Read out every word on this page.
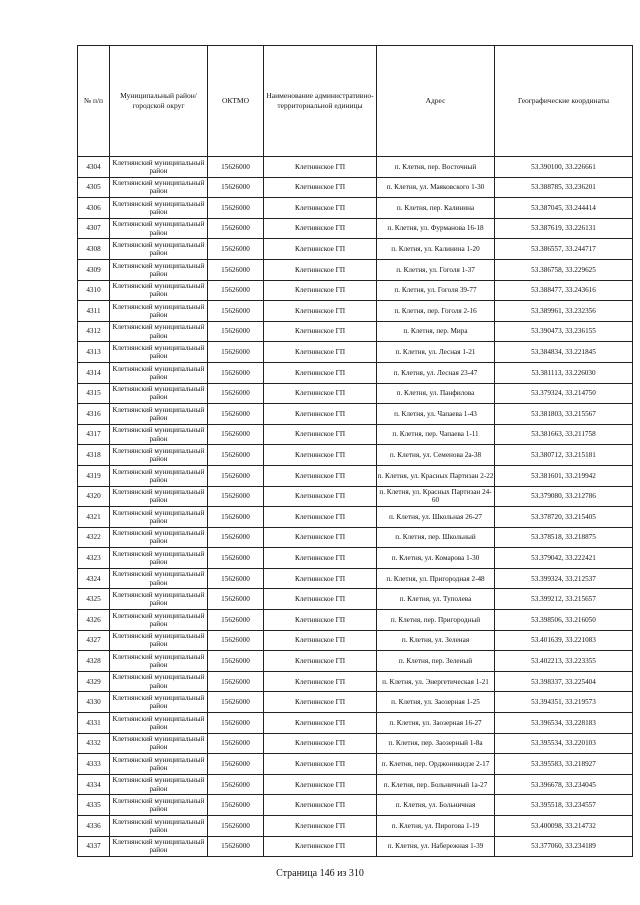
№ п/п	Муниципальный район/городской округ	ОКТМО	Наименование административно-территориальной единицы	Адрес	Географические координаты
4304	Клетнянский муниципальный район	15626000	Клетнянское ГП	п. Клетня, пер. Восточный	53.390100, 33.226661
4305	Клетнянский муниципальный район	15626000	Клетнянское ГП	п. Клетня, ул. Маяковского 1-30	53.388785, 33.236201
4306	Клетнянский муниципальный район	15626000	Клетнянское ГП	п. Клетня, пер. Калинина	53.387045, 33.244414
4307	Клетнянский муниципальный район	15626000	Клетнянское ГП	п. Клетня, ул. Фурманова 16-18	53.387619, 33.226131
4308	Клетнянский муниципальный район	15626000	Клетнянское ГП	п. Клетня, ул. Калинина 1-20	53.386557, 33.244717
4309	Клетнянский муниципальный район	15626000	Клетнянское ГП	п. Клетня, ул. Гоголя 1-37	53.386758, 33.229625
4310	Клетнянский муниципальный район	15626000	Клетнянское ГП	п. Клетня, ул. Гоголя 39-77	53.388477, 33.243616
4311	Клетнянский муниципальный район	15626000	Клетнянское ГП	п. Клетня, пер. Гоголя 2-16	53.389961, 33.232356
4312	Клетнянский муниципальный район	15626000	Клетнянское ГП	п. Клетня, пер. Мира	53.390473, 33.236155
4313	Клетнянский муниципальный район	15626000	Клетнянское ГП	п. Клетня, ул. Лесная 1-21	53.384834, 33.221845
4314	Клетнянский муниципальный район	15626000	Клетнянское ГП	п. Клетня, ул. Лесная 23-47	53.381113, 33.226030
4315	Клетнянский муниципальный район	15626000	Клетнянское ГП	п. Клетня, ул. Панфилова	53.379324, 33.214750
4316	Клетнянский муниципальный район	15626000	Клетнянское ГП	п. Клетня, ул. Чапаева 1-43	53.381803, 33.215567
4317	Клетнянский муниципальный район	15626000	Клетнянское ГП	п. Клетня, пер. Чапаева 1-11	53.381663, 33.211758
4318	Клетнянский муниципальный район	15626000	Клетнянское ГП	п. Клетня, ул. Семенова 2а-38	53.380712, 33.215181
4319	Клетнянский муниципальный район	15626000	Клетнянское ГП	п. Клетня, ул. Красных Партизан 2-22	53.381601, 33.219942
4320	Клетнянский муниципальный район	15626000	Клетнянское ГП	п. Клетня, ул. Красных Партизан 24-60	53.379080, 33.212786
4321	Клетнянский муниципальный район	15626000	Клетнянское ГП	п. Клетня, ул. Школьная 26-27	53.378720, 33.215405
4322	Клетнянский муниципальный район	15626000	Клетнянское ГП	п. Клетня, пер. Школьный	53.378518, 33.218875
4323	Клетнянский муниципальный район	15626000	Клетнянское ГП	п. Клетня, ул. Комарова 1-30	53.379042, 33.222421
4324	Клетнянский муниципальный район	15626000	Клетнянское ГП	п. Клетня, ул. Пригородная 2-48	53.399324, 33.212537
4325	Клетнянский муниципальный район	15626000	Клетнянское ГП	п. Клетня, ул. Туполева	53.399212, 33.215657
4326	Клетнянский муниципальный район	15626000	Клетнянское ГП	п. Клетня, пер. Пригородный	53.398506, 33.216050
4327	Клетнянский муниципальный район	15626000	Клетнянское ГП	п. Клетня, ул. Зеленая	53.401639, 33.221083
4328	Клетнянский муниципальный район	15626000	Клетнянское ГП	п. Клетня, пер. Зеленый	53.402213, 33.223355
4329	Клетнянский муниципальный район	15626000	Клетнянское ГП	п. Клетня, ул. Энергетическая 1-21	53.398337, 33.225404
4330	Клетнянский муниципальный район	15626000	Клетнянское ГП	п. Клетня, ул. Заозерная 1-25	53.394351, 33.219573
4331	Клетнянский муниципальный район	15626000	Клетнянское ГП	п. Клетня, ул. Заозерная 16-27	53.396534, 33.228183
4332	Клетнянский муниципальный район	15626000	Клетнянское ГП	п. Клетня, пер. Заозерный 1-8а	53.395534, 33.220103
4333	Клетнянский муниципальный район	15626000	Клетнянское ГП	п. Клетня, пер. Орджоникидзе 2-17	53.395583, 33.218927
4334	Клетнянский муниципальный район	15626000	Клетнянское ГП	п. Клетня, пер. Больничный 1а-27	53.396678, 33.234045
4335	Клетнянский муниципальный район	15626000	Клетнянское ГП	п. Клетня, ул. Больничная	53.395518, 33.234557
4336	Клетнянский муниципальный район	15626000	Клетнянское ГП	п. Клетня, ул. Пирогова 1-19	53.400098, 33.214732
4337	Клетнянский муниципальный район	15626000	Клетнянское ГП	п. Клетня, ул. Набережная 1-39	53.377060, 33.234189
Страница 146 из 310
